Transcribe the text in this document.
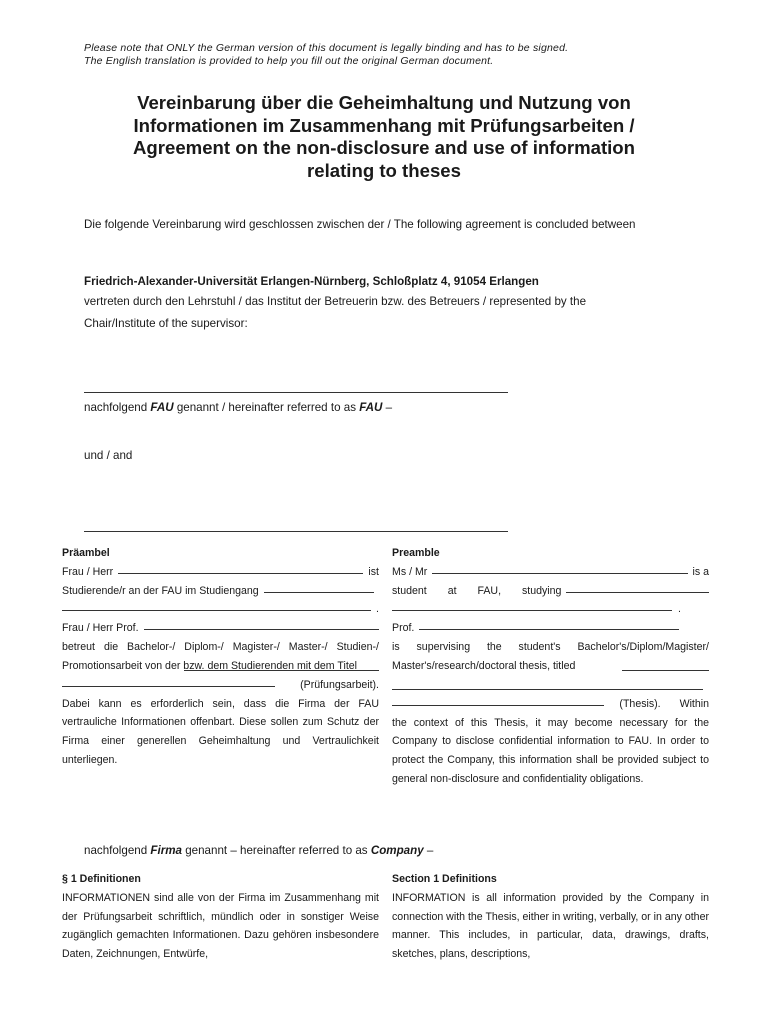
Please note that ONLY the German version of this document is legally binding and has to be signed.
The English translation is provided to help you fill out the original German document.
Vereinbarung über die Geheimhaltung und Nutzung von
Informationen im Zusammenhang mit Prüfungsarbeiten /
Agreement on the non-disclosure and use of information
relating to theses
Die folgende Vereinbarung wird geschlossen zwischen der / The following agreement is concluded between
Friedrich-Alexander-Universität Erlangen-Nürnberg, Schloßplatz 4, 91054 Erlangen
vertreten durch den Lehrstuhl / das Institut der Betreuerin bzw. des Betreuers / represented by the
Chair/Institute of the supervisor:
nachfolgend FAU genannt / hereinafter referred to as FAU –
und / and
Präambel
Frau / Herr	ist
Studierende/r an der FAU im Studiengang
.
Frau / Herr Prof.
betreut die Bachelor-/ Diplom-/ Magister-/ Master-/ Studien-/ Promotionsarbeit von der bzw. dem Studierenden mit dem Titel
(Prüfungsarbeit).
Dabei kann es erforderlich sein, dass die Firma der FAU vertrauliche Informationen offenbart. Diese sollen zum Schutz der Firma einer generellen Geheimhaltung und Vertraulichkeit unterliegen.
Preamble
Ms / Mr	is a
student at FAU, studying
.
Prof.
is supervising the student's Bachelor's/Diplom/Magister/ Master's/research/doctoral thesis, titled
(Thesis). Within
the context of this Thesis, it may become necessary for the Company to disclose confidential information to FAU. In order to protect the Company, this information shall be provided subject to general non-disclosure and confidentiality obligations.
nachfolgend Firma genannt – hereinafter referred to as Company –
§ 1 Definitionen
INFORMATIONEN sind alle von der Firma im Zusammenhang mit der Prüfungsarbeit schriftlich, mündlich oder in sonstiger Weise zugänglich gemachten Informationen. Dazu gehören insbesondere Daten, Zeichnungen, Entwürfe,
Section 1 Definitions
INFORMATION is all information provided by the Company in connection with the Thesis, either in writing, verbally, or in any other manner. This includes, in particular, data, drawings, drafts, sketches, plans, descriptions,
